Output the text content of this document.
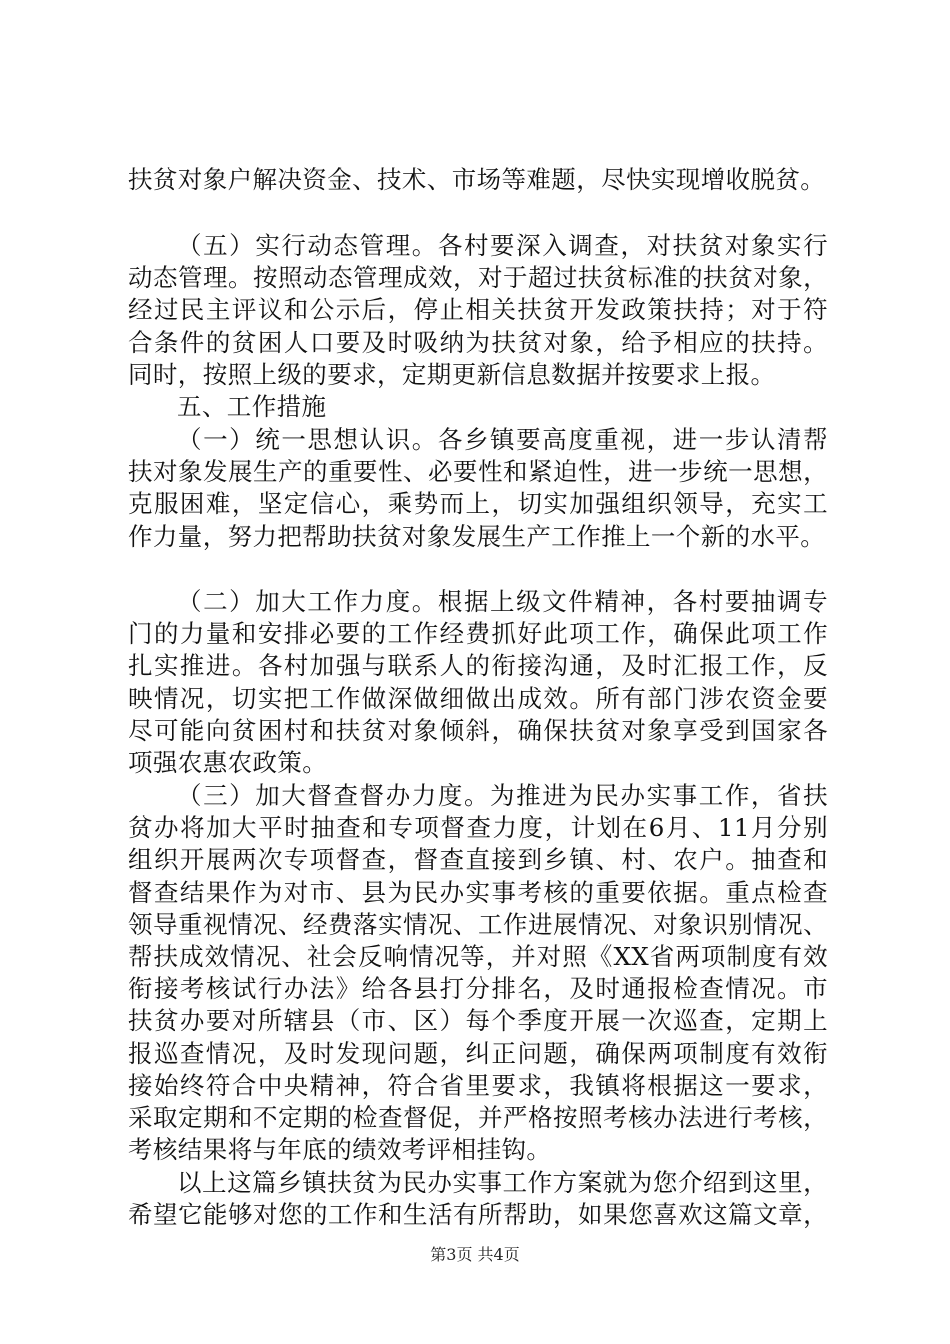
扶贫对象户解决资金、技术、市场等难题，尽快实现增收脱贫。

（五）实行动态管理。各村要深入调查，对扶贫对象实行
动态管理。按照动态管理成效，对于超过扶贫标准的扶贫对象，
经过民主评议和公示后，停止相关扶贫开发政策扶持；对于符
合条件的贫困人口要及时吸纳为扶贫对象，给予相应的扶持。
同时，按照上级的要求，定期更新信息数据并按要求上报。

五、工作措施

（一）统一思想认识。各乡镇要高度重视，进一步认清帮
扶对象发展生产的重要性、必要性和紧迫性，进一步统一思想，
克服困难，坚定信心，乘势而上，切实加强组织领导，充实工
作力量，努力把帮助扶贫对象发展生产工作推上一个新的水平。

（二）加大工作力度。根据上级文件精神，各村要抽调专
门的力量和安排必要的工作经费抓好此项工作，确保此项工作
扎实推进。各村加强与联系人的衔接沟通，及时汇报工作，反
映情况，切实把工作做深做细做出成效。所有部门涉农资金要
尽可能向贫困村和扶贫对象倾斜，确保扶贫对象享受到国家各
项强农惠农政策。

（三）加大督查督办力度。为推进为民办实事工作，省扶
贫办将加大平时抽查和专项督查力度，计划在6月、11月分别
组织开展两次专项督查，督查直接到乡镇、村、农户。抽查和
督查结果作为对市、县为民办实事考核的重要依据。重点检查
领导重视情况、经费落实情况、工作进展情况、对象识别情况、
帮扶成效情况、社会反响情况等，并对照《XX省两项制度有效
衔接考核试行办法》给各县打分排名，及时通报检查情况。市
扶贫办要对所辖县（市、区）每个季度开展一次巡查，定期上
报巡查情况，及时发现问题，纠正问题，确保两项制度有效衔
接始终符合中央精神，符合省里要求，我镇将根据这一要求，
采取定期和不定期的检查督促，并严格按照考核办法进行考核，
考核结果将与年底的绩效考评相挂钩。

以上这篇乡镇扶贫为民办实事工作方案就为您介绍到这里，
希望它能够对您的工作和生活有所帮助，如果您喜欢这篇文章，

第3页 共4页
